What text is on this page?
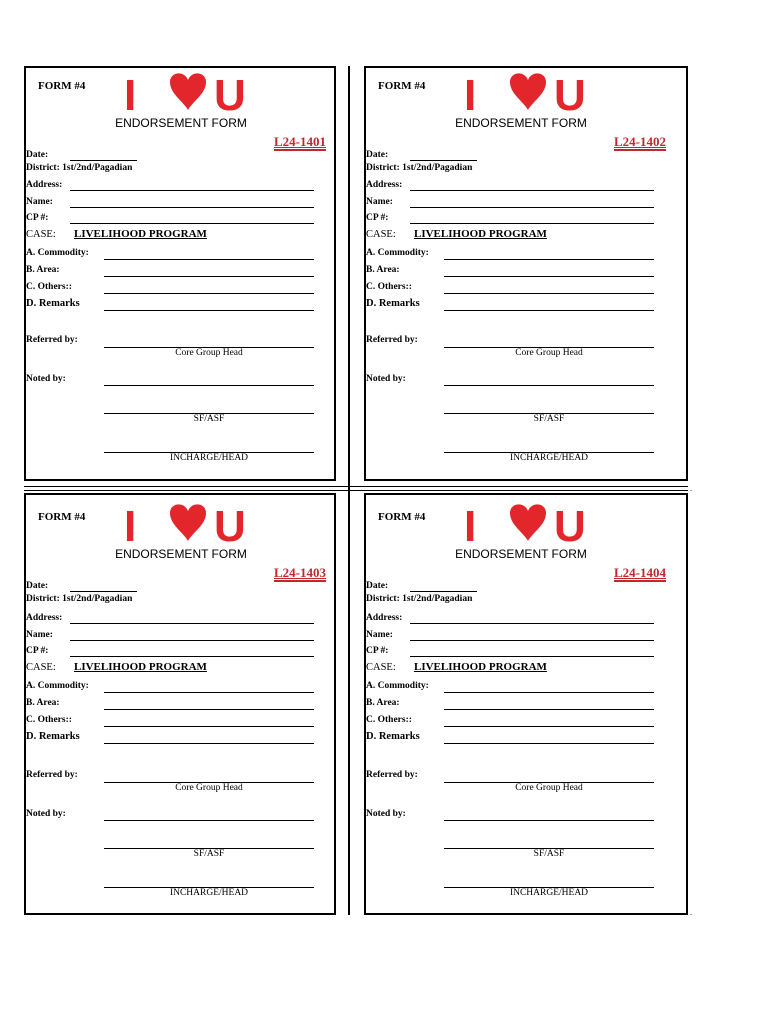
.
.
FORM #4 I U
ENDORSEMENT FORM
L24-1401
Date:
District: 1st/2nd/Pagadian
Address:
Name:
CP #:
CASE: LIVELIHOOD PROGRAM
A. Commodity:
B. Area:
C. Others::
D. Remarks
Referred by:
Core Group Head
Noted by:
SF/ASF
INCHARGE/HEAD
FORM #4 I U
ENDORSEMENT FORM
L24-1402
Date:
District: 1st/2nd/Pagadian
Address:
Name:
CP #:
CASE: LIVELIHOOD PROGRAM
A. Commodity:
B. Area:
C. Others::
D. Remarks
Referred by:
Core Group Head
Noted by:
SF/ASF
INCHARGE/HEAD
FORM #4 I U
ENDORSEMENT FORM
L24-1403
Date:
District: 1st/2nd/Pagadian
Address:
Name:
CP #:
CASE: LIVELIHOOD PROGRAM
A. Commodity:
B. Area:
C. Others::
D. Remarks
Referred by:
Core Group Head
Noted by:
SF/ASF
INCHARGE/HEAD
FORM #4 I U
ENDORSEMENT FORM
L24-1404
Date:
District: 1st/2nd/Pagadian
Address:
Name:
CP #:
CASE: LIVELIHOOD PROGRAM
A. Commodity:
B. Area:
C. Others::
D. Remarks
Referred by:
Core Group Head
Noted by:
SF/ASF
INCHARGE/HEAD
